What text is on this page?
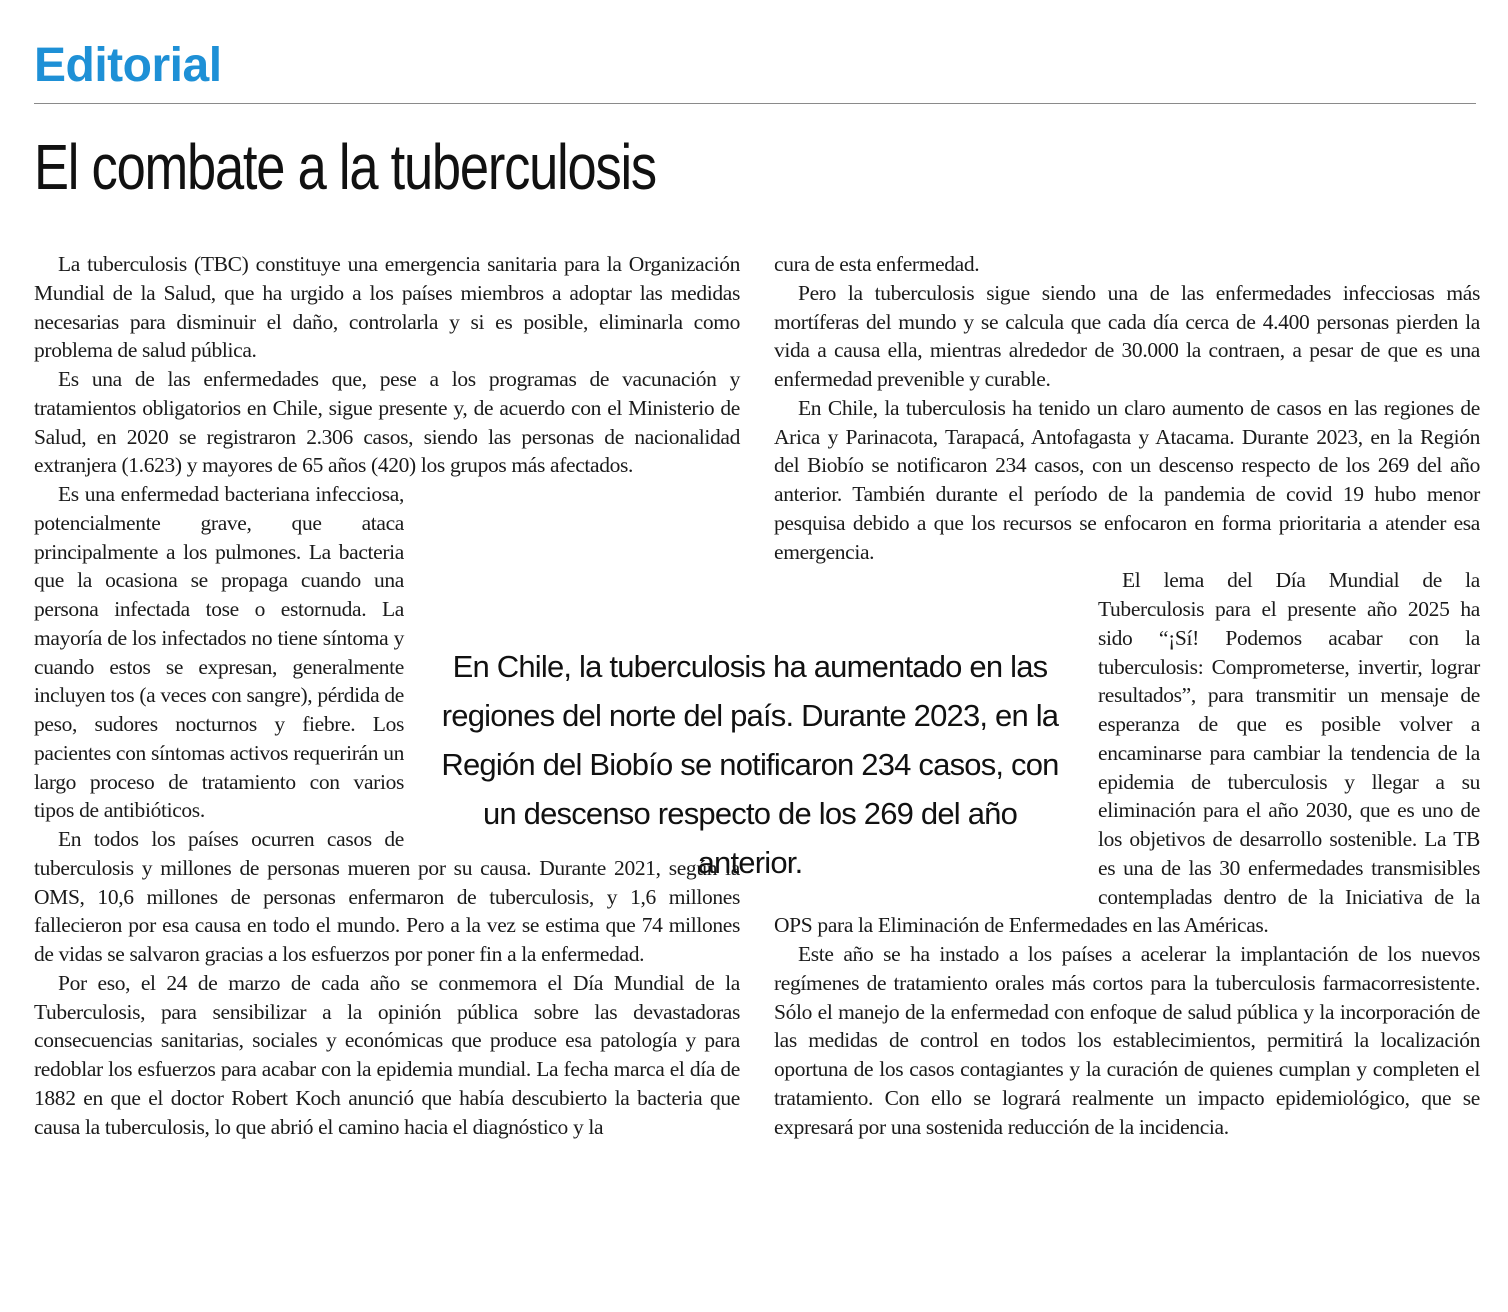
Editorial
El combate a la tuberculosis

La tuberculosis (TBC) constituye una emergencia sanitaria para la Organización Mundial de la Salud, que ha urgido a los países miembros a adoptar las medidas necesarias para disminuir el daño, controlarla y si es posible, eliminarla como problema de salud pública.

Es una de las enfermedades que, pese a los programas de vacunación y tratamientos obligatorios en Chile, sigue presente y, de acuerdo con el Ministerio de Salud, en 2020 se registraron 2.306 casos, siendo las personas de nacionalidad extranjera (1.623) y mayores de 65 años (420) los grupos más afectados.

Es una enfermedad bacteriana infecciosa, potencialmente grave, que ataca principalmente a los pulmones. La bacteria que la ocasiona se propaga cuando una persona infectada tose o estornuda. La mayoría de los infectados no tiene síntoma y cuando estos se expresan, generalmente incluyen tos (a veces con sangre), pérdida de peso, sudores nocturnos y fiebre. Los pacientes con síntomas activos requerirán un largo proceso de tratamiento con varios tipos de antibióticos.

En todos los países ocurren casos de tuberculosis y millones de personas mueren por su causa. Durante 2021, según la OMS, 10,6 millones de personas enfermaron de tuberculosis, y 1,6 millones fallecieron por esa causa en todo el mundo. Pero a la vez se estima que 74 millones de vidas se salvaron gracias a los esfuerzos por poner fin a la enfermedad.

Por eso, el 24 de marzo de cada año se conmemora el Día Mundial de la Tuberculosis, para sensibilizar a la opinión pública sobre las devastadoras consecuencias sanitarias, sociales y económicas que produce esa patología y para redoblar los esfuerzos para acabar con la epidemia mundial. La fecha marca el día de 1882 en que el doctor Robert Koch anunció que había descubierto la bacteria que causa la tuberculosis, lo que abrió el camino hacia el diagnóstico y la

cura de esta enfermedad.

Pero la tuberculosis sigue siendo una de las enfermedades infecciosas más mortíferas del mundo y se calcula que cada día cerca de 4.400 personas pierden la vida a causa ella, mientras alrededor de 30.000 la contraen, a pesar de que es una enfermedad prevenible y curable.

En Chile, la tuberculosis ha tenido un claro aumento de casos en las regiones de Arica y Parinacota, Tarapacá, Antofagasta y Atacama. Durante 2023, en la Región del Biobío se notificaron 234 casos, con un descenso respecto de los 269 del año anterior. También durante el período de la pandemia de covid 19 hubo menor pesquisa debido a que los recursos se enfocaron en forma prioritaria a atender esa emergencia.

El lema del Día Mundial de la Tuberculosis para el presente año 2025 ha sido “¡Sí! Podemos acabar con la tuberculosis: Comprometerse, invertir, lograr resultados”, para transmitir un mensaje de esperanza de que es posible volver a encaminarse para cambiar la tendencia de la epidemia de tuberculosis y llegar a su eliminación para el año 2030, que es uno de los objetivos de desarrollo sostenible. La TB es una de las 30 enfermedades transmisibles contempladas dentro de la Iniciativa de la OPS para la Eliminación de Enfermedades en las Américas.

Este año se ha instado a los países a acelerar la implantación de los nuevos regímenes de tratamiento orales más cortos para la tuberculosis farmacorresistente. Sólo el manejo de la enfermedad con enfoque de salud pública y la incorporación de las medidas de control en todos los establecimientos, permitirá la localización oportuna de los casos contagiantes y la curación de quienes cumplan y completen el tratamiento. Con ello se logrará realmente un impacto epidemiológico, que se expresará por una sostenida reducción de la incidencia.

En Chile, la tuberculosis ha aumentado en las regiones del norte del país. Durante 2023, en la Región del Biobío se notificaron 234 casos, con un descenso respecto de los 269 del año anterior.
